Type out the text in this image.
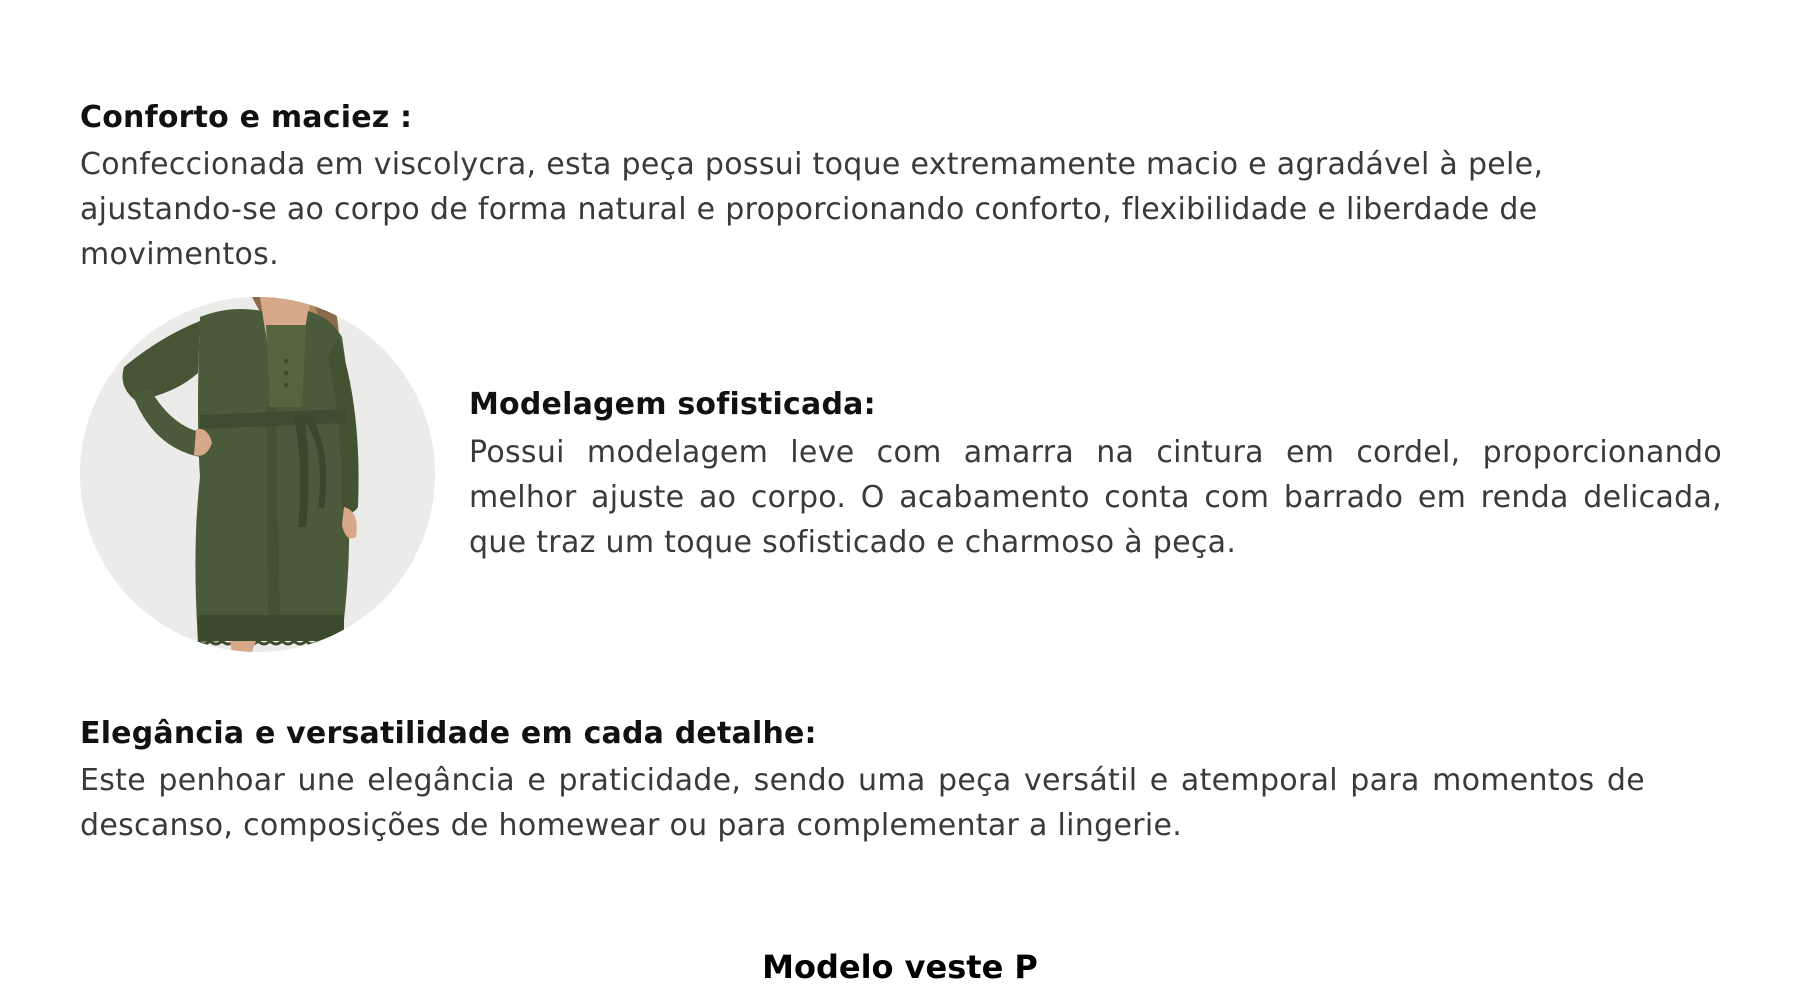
Conforto e maciez :

Confeccionada em viscolycra, esta peça possui toque extremamente macio e agradável à pele, ajustando-se ao corpo de forma natural e proporcionando conforto, flexibilidade e liberdade de movimentos.

Modelagem sofisticada:

Possui modelagem leve com amarra na cintura em cordel, proporcionando melhor ajuste ao corpo. O acabamento conta com barrado em renda delicada, que traz um toque sofisticado e charmoso à peça.

Elegância e versatilidade em cada detalhe:

Este penhoar une elegância e praticidade, sendo uma peça versátil e atemporal para momentos de descanso, composições de homewear ou para complementar a lingerie.

Modelo veste P
